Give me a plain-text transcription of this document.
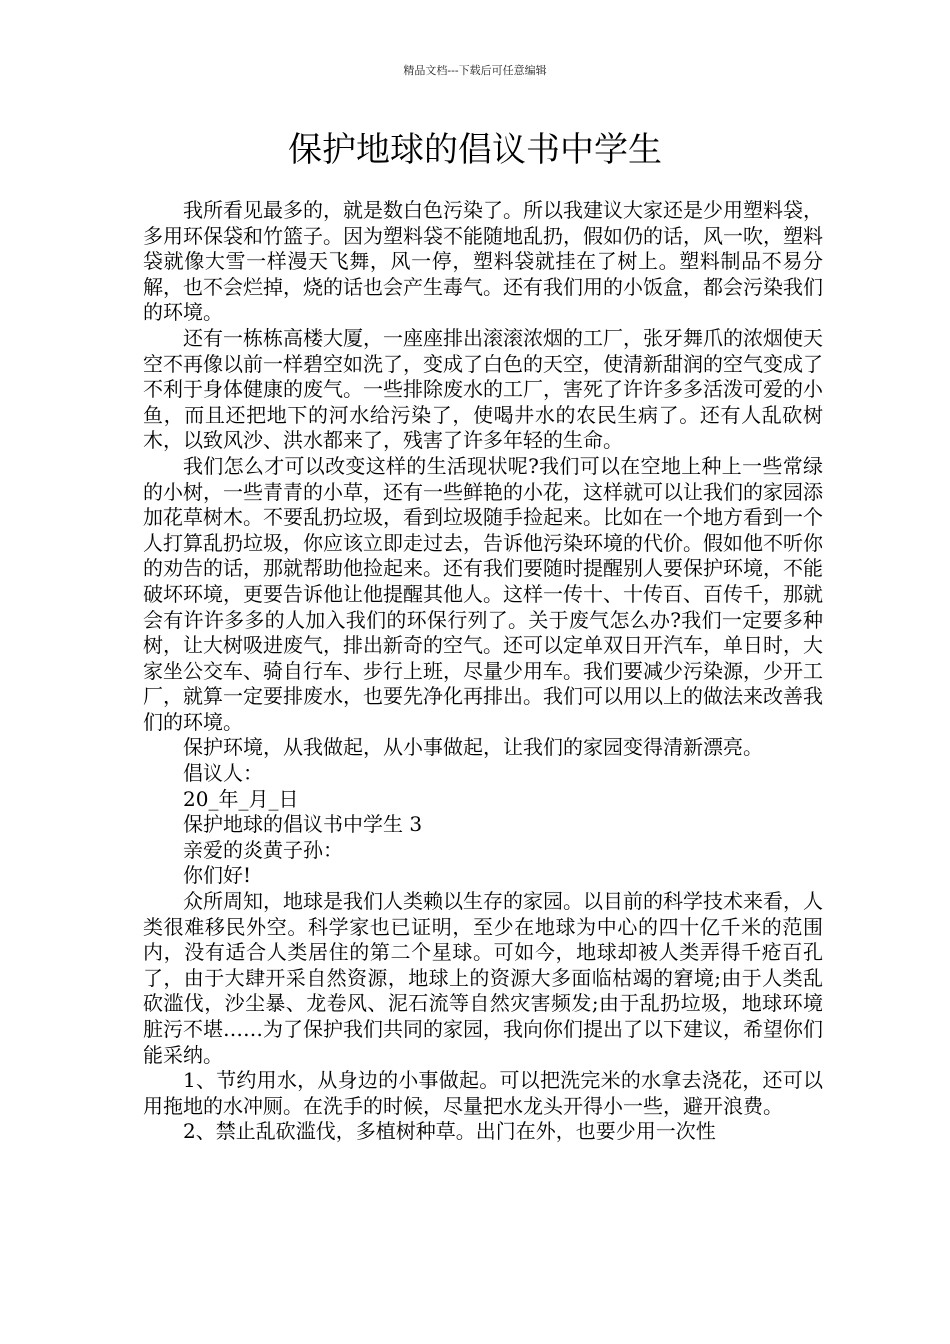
精品文档---下载后可任意编辑
保护地球的倡议书中学生

我所看见最多的，就是数白色污染了。所以我建议大家还是少用塑料袋，多用环保袋和竹篮子。因为塑料袋不能随地乱扔，假如仍的话，风一吹，塑料袋就像大雪一样漫天飞舞，风一停，塑料袋就挂在了树上。塑料制品不易分解，也不会烂掉，烧的话也会产生毒气。还有我们用的小饭盒，都会污染我们的环境。

还有一栋栋高楼大厦，一座座排出滚滚浓烟的工厂，张牙舞爪的浓烟使天空不再像以前一样碧空如洗了，变成了白色的天空，使清新甜润的空气变成了不利于身体健康的废气。一些排除废水的工厂，害死了许许多多活泼可爱的小鱼，而且还把地下的河水给污染了，使喝井水的农民生病了。还有人乱砍树木，以致风沙、洪水都来了，残害了许多年轻的生命。

我们怎么才可以改变这样的生活现状呢?我们可以在空地上种上一些常绿的小树，一些青青的小草，还有一些鲜艳的小花，这样就可以让我们的家园添加花草树木。不要乱扔垃圾，看到垃圾随手捡起来。比如在一个地方看到一个人打算乱扔垃圾，你应该立即走过去，告诉他污染环境的代价。假如他不听你的劝告的话，那就帮助他捡起来。还有我们要随时提醒别人要保护环境，不能破坏环境，更要告诉他让他提醒其他人。这样一传十、十传百、百传千，那就会有许许多多的人加入我们的环保行列了。关于废气怎么办?我们一定要多种树，让大树吸进废气，排出新奇的空气。还可以定单双日开汽车，单日时，大家坐公交车、骑自行车、步行上班，尽量少用车。我们要减少污染源，少开工厂，就算一定要排废水，也要先净化再排出。我们可以用以上的做法来改善我们的环境。

保护环境，从我做起，从小事做起，让我们的家园变得清新漂亮。

倡议人：

20_年_月_日

保护地球的倡议书中学生 3

亲爱的炎黄子孙：

你们好!

众所周知，地球是我们人类赖以生存的家园。以目前的科学技术来看，人类很难移民外空。科学家也已证明，至少在地球为中心的四十亿千米的范围内，没有适合人类居住的第二个星球。可如今，地球却被人类弄得千疮百孔了，由于大肆开采自然资源，地球上的资源大多面临枯竭的窘境;由于人类乱砍滥伐，沙尘暴、龙卷风、泥石流等自然灾害频发;由于乱扔垃圾，地球环境脏污不堪……为了保护我们共同的家园，我向你们提出了以下建议，希望你们能采纳。

1、节约用水，从身边的小事做起。可以把洗完米的水拿去浇花，还可以用拖地的水冲厕。在洗手的时候，尽量把水龙头开得小一些，避开浪费。

2、禁止乱砍滥伐，多植树种草。出门在外，也要少用一次性
